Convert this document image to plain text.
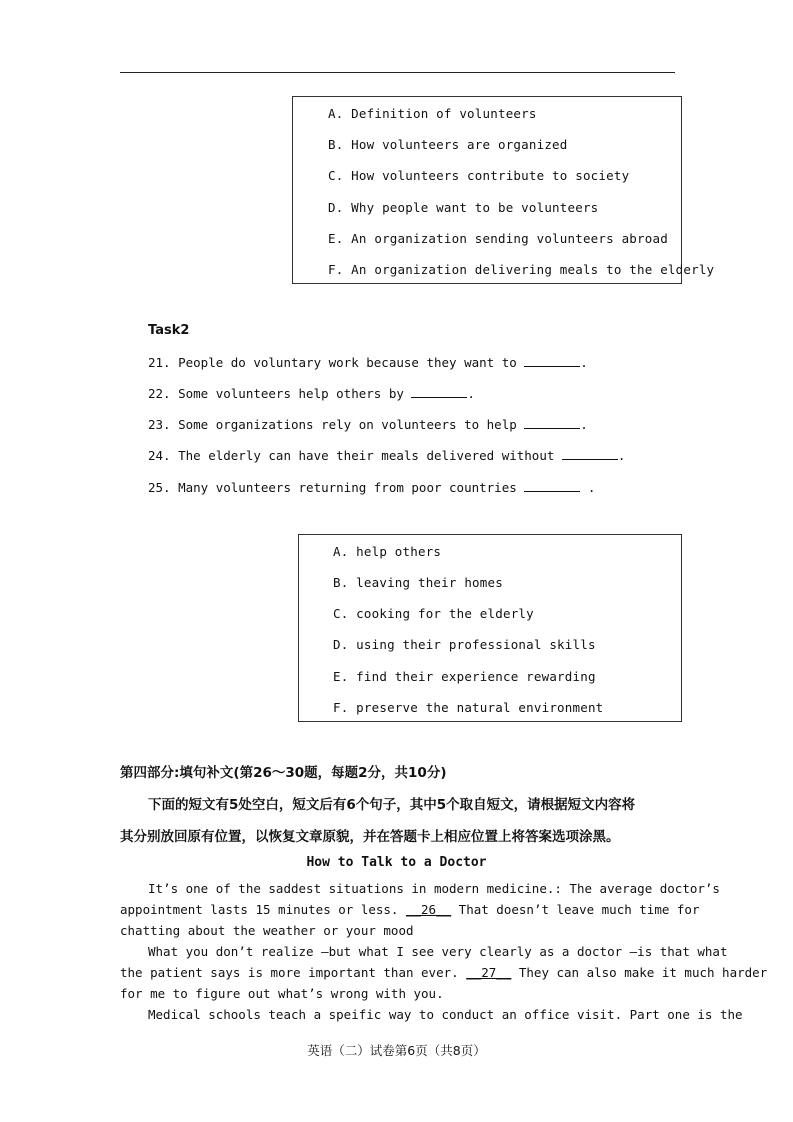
A. Definition of volunteers
B. How volunteers are organized
C. How volunteers contribute to society
D. Why people want to be volunteers
E. An organization sending volunteers abroad
F. An organization delivering meals to the elderly
Task2
21. People do voluntary work because they want to	.
22. Some volunteers help others by	.
23. Some organizations rely on volunteers to help	.
24. The elderly can have their meals delivered without	.
25. Many volunteers returning from poor countries	.
A. help others
B. leaving their homes
C. cooking for the elderly
D. using their professional skills
E. find their experience rewarding
F. preserve the natural environment
第四部分:填句补文(第26～30题，每题2分，共10分)
下面的短文有5处空白，短文后有6个句子，其中5个取自短文，请根据短文内容将
其分别放回原有位置，以恢复文章原貌，并在答题卡上相应位置上将答案选项涂黑。
How to Talk to a Doctor
It’s one of the saddest situations in modern medicine.: The average doctor’s
appointment lasts 15 minutes or less. __26__ That doesn’t leave much time for
chatting about the weather or your mood
What you don’t realize —but what I see very clearly as a doctor —is that what
the patient says is more important than ever. __27__ They can also make it much harder
for me to figure out what’s wrong with you.
Medical schools teach a speific way to conduct an office visit. Part one is the
英语（二）试卷第6页（共8页）
